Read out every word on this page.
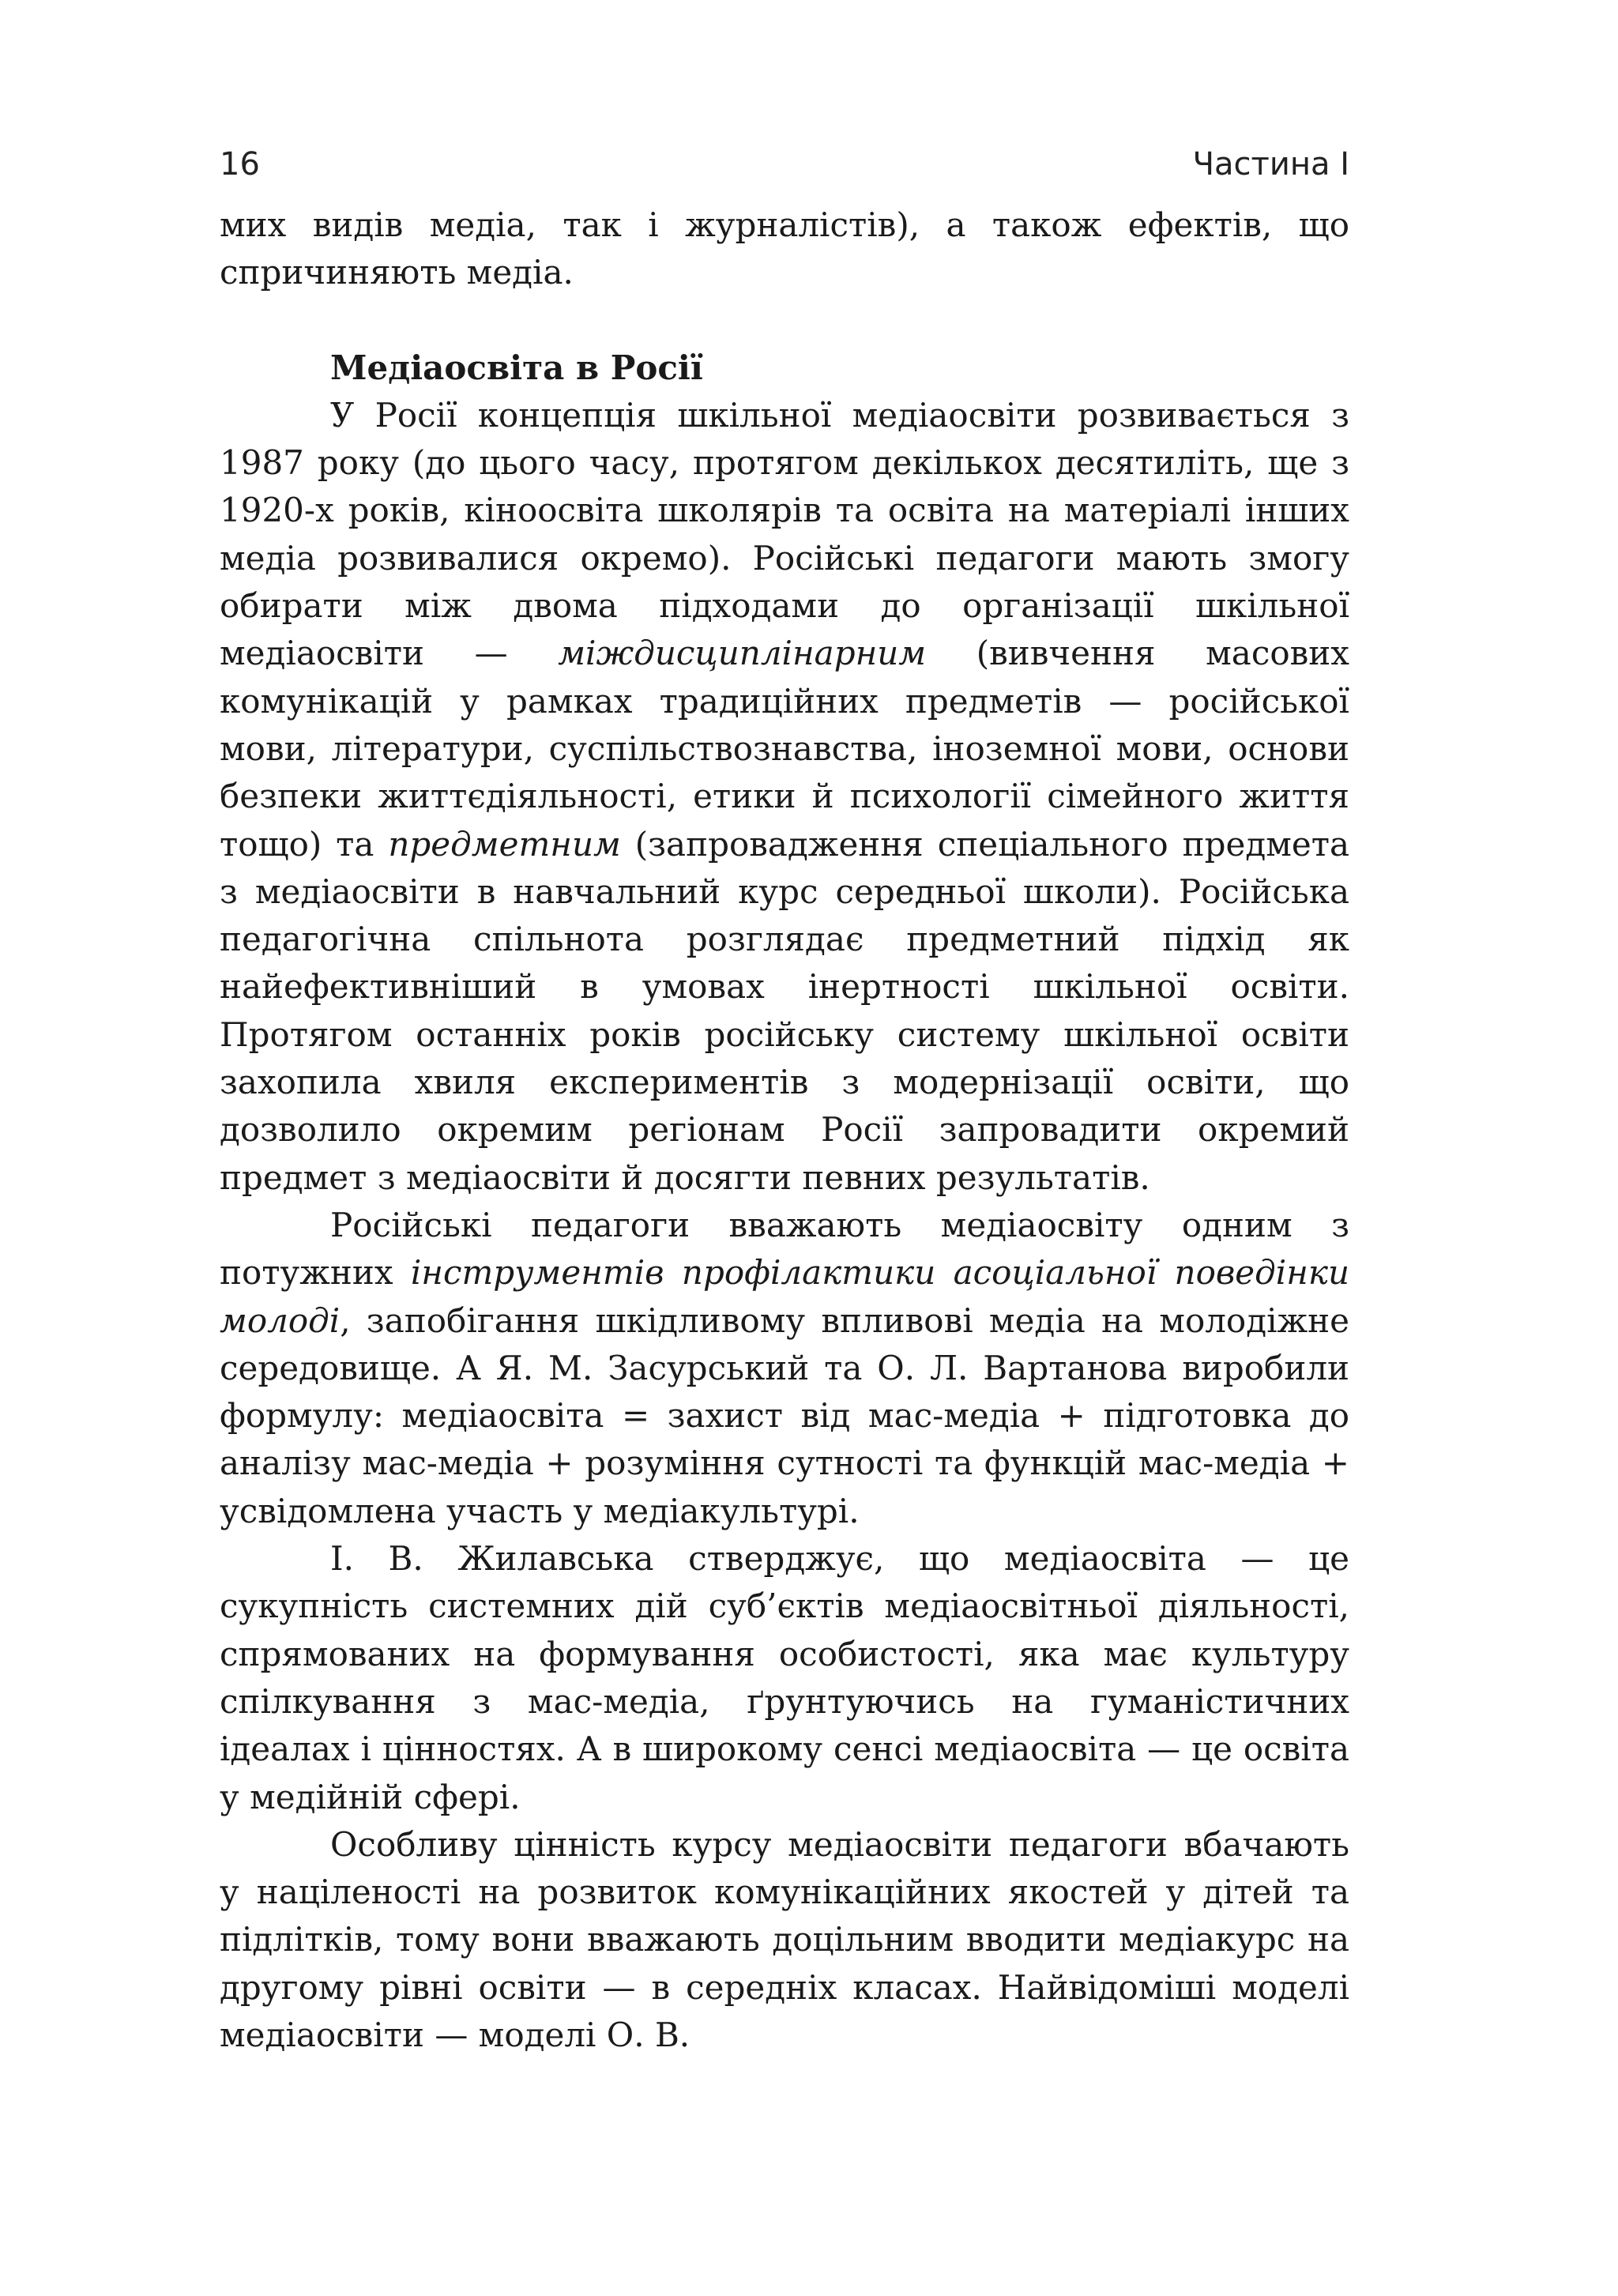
16	Частина І

мих видів медіа, так і журналістів), а також ефектів, що спричиняють медіа.

Медіаосвіта в Росії

У Росії концепція шкільної медіаосвіти розвивається з 1987 року (до цього часу, протягом декількох десятиліть, ще з 1920-х років, кіноосвіта школярів та освіта на матеріалі інших медіа розвивалися окремо). Російські педагоги мають змогу обирати між двома підходами до організації шкільної медіаосвіти — міждисциплінарним (вивчення масових комунікацій у рамках традиційних предметів — російської мови, літератури, суспільствознавства, іноземної мови, основи безпеки життєдіяльності, етики й психології сімейного життя тощо) та предметним (запровадження спеціального предмета з медіаосвіти в навчальний курс середньої школи). Російська педагогічна спільнота розглядає предметний підхід як найефективніший в умовах інертності шкільної освіти. Протягом останніх років російську систему шкільної освіти захопила хвиля експериментів з модернізації освіти, що дозволило окремим регіонам Росії запровадити окремий предмет з медіаосвіти й досягти певних результатів.

Російські педагоги вважають медіаосвіту одним з потужних інструментів профілактики асоціальної поведінки молоді, запобігання шкідливому впливові медіа на молодіжне середовище. А Я. М. Засурський та О. Л. Вартанова виробили формулу: медіаосвіта = захист від мас-медіа + підготовка до аналізу мас-медіа + розуміння сутності та функцій мас-медіа + усвідомлена участь у медіакультурі.

І. В. Жилавська стверджує, що медіаосвіта — це сукупність системних дій суб’єктів медіаосвітньої діяльності, спрямованих на формування особистості, яка має культуру спілкування з мас-медіа, ґрунтуючись на гуманістичних ідеалах і цінностях. А в широкому сенсі медіаосвіта — це освіта у медійній сфері.

Особливу цінність курсу медіаосвіти педагоги вбачають у націленості на розвиток комунікаційних якостей у дітей та підлітків, тому вони вважають доцільним вводити медіакурс на другому рівні освіти — в середніх класах. Найвідоміші моделі медіаосвіти — моделі О. В.
